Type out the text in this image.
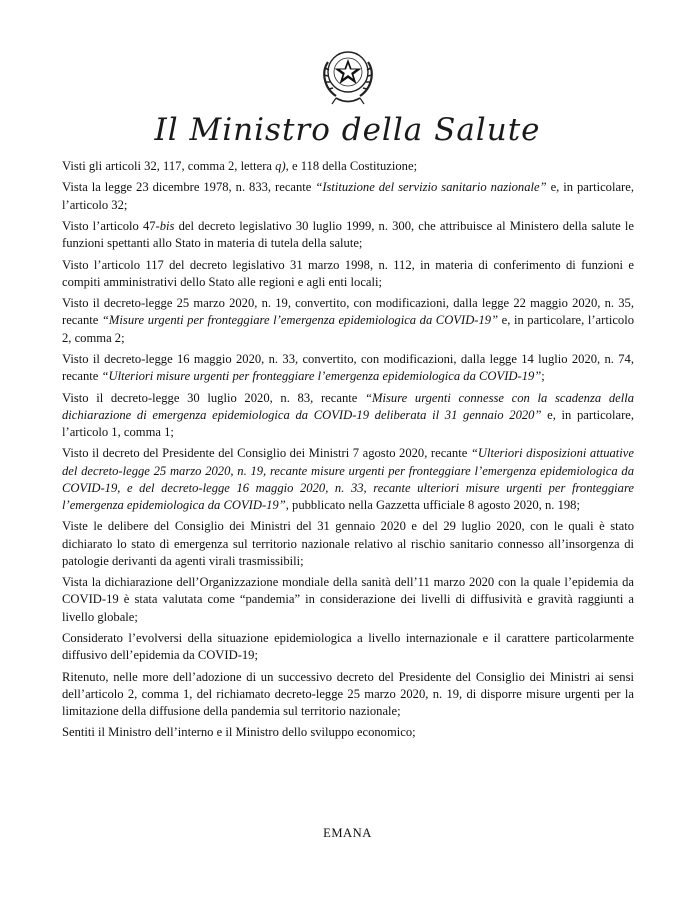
Il Ministro della Salute

Visti gli articoli 32, 117, comma 2, lettera q), e 118 della Costituzione;

Vista la legge 23 dicembre 1978, n. 833, recante “Istituzione del servizio sanitario nazionale” e, in particolare, l’articolo 32;

Visto l’articolo 47-bis del decreto legislativo 30 luglio 1999, n. 300, che attribuisce al Ministero della salute le funzioni spettanti allo Stato in materia di tutela della salute;

Visto l’articolo 117 del decreto legislativo 31 marzo 1998, n. 112, in materia di conferimento di funzioni e compiti amministrativi dello Stato alle regioni e agli enti locali;

Visto il decreto-legge 25 marzo 2020, n. 19, convertito, con modificazioni, dalla legge 22 maggio 2020, n. 35, recante “Misure urgenti per fronteggiare l’emergenza epidemiologica da COVID-19” e, in particolare, l’articolo 2, comma 2;

Visto il decreto-legge 16 maggio 2020, n. 33, convertito, con modificazioni, dalla legge 14 luglio 2020, n. 74, recante “Ulteriori misure urgenti per fronteggiare l’emergenza epidemiologica da COVID-19”;

Visto il decreto-legge 30 luglio 2020, n. 83, recante “Misure urgenti connesse con la scadenza della dichiarazione di emergenza epidemiologica da COVID-19 deliberata il 31 gennaio 2020” e, in particolare, l’articolo 1, comma 1;

Visto il decreto del Presidente del Consiglio dei Ministri 7 agosto 2020, recante “Ulteriori disposizioni attuative del decreto-legge 25 marzo 2020, n. 19, recante misure urgenti per fronteggiare l’emergenza epidemiologica da COVID-19, e del decreto-legge 16 maggio 2020, n. 33, recante ulteriori misure urgenti per fronteggiare l’emergenza epidemiologica da COVID-19”, pubblicato nella Gazzetta ufficiale 8 agosto 2020, n. 198;

Viste le delibere del Consiglio dei Ministri del 31 gennaio 2020 e del 29 luglio 2020, con le quali è stato dichiarato lo stato di emergenza sul territorio nazionale relativo al rischio sanitario connesso all’insorgenza di patologie derivanti da agenti virali trasmissibili;

Vista la dichiarazione dell’Organizzazione mondiale della sanità dell’11 marzo 2020 con la quale l’epidemia da COVID-19 è stata valutata come “pandemia” in considerazione dei livelli di diffusività e gravità raggiunti a livello globale;

Considerato l’evolversi della situazione epidemiologica a livello internazionale e il carattere particolarmente diffusivo dell’epidemia da COVID-19;

Ritenuto, nelle more dell’adozione di un successivo decreto del Presidente del Consiglio dei Ministri ai sensi dell’articolo 2, comma 1, del richiamato decreto-legge 25 marzo 2020, n. 19, di disporre misure urgenti per la limitazione della diffusione della pandemia sul territorio nazionale;

Sentiti il Ministro dell’interno e il Ministro dello sviluppo economico;

EMANA
